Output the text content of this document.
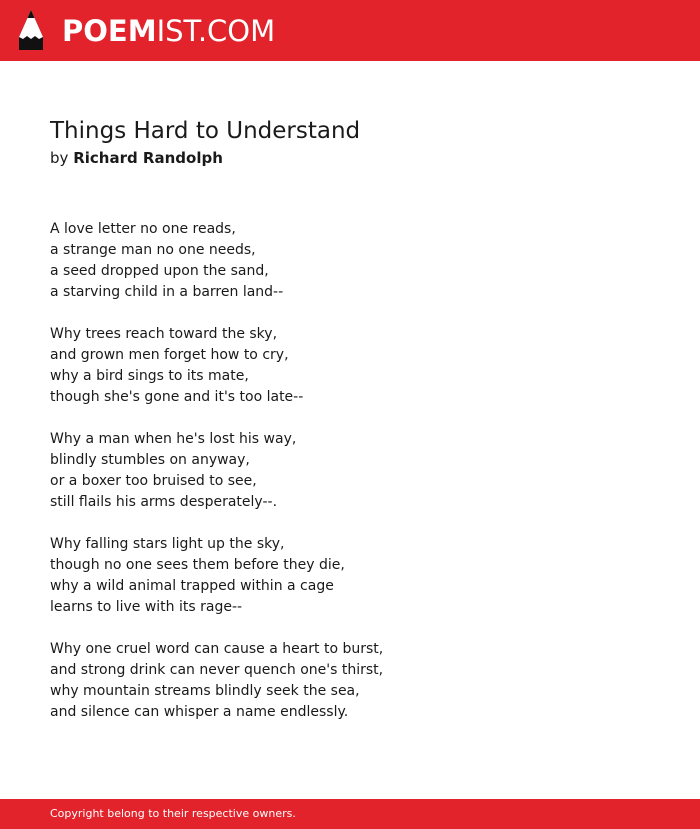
POEMIST.COM
Things Hard to Understand
by Richard Randolph
A love letter no one reads,
a strange man no one needs,
a seed dropped upon the sand,
a starving child in a barren land--
Why trees reach toward the sky,
and grown men forget how to cry,
why a bird sings to its mate,
though she's gone and it's too late--
Why a man when he's lost his way,
blindly stumbles on anyway,
or a boxer too bruised to see,
still flails his arms desperately--.
Why falling stars light up the sky,
though no one sees them before they die,
why a wild animal trapped within a cage
learns to live with its rage--
Why one cruel word can cause a heart to burst,
and strong drink can never quench one's thirst,
why mountain streams blindly seek the sea,
and silence can whisper a name endlessly.
Copyright belong to their respective owners.
